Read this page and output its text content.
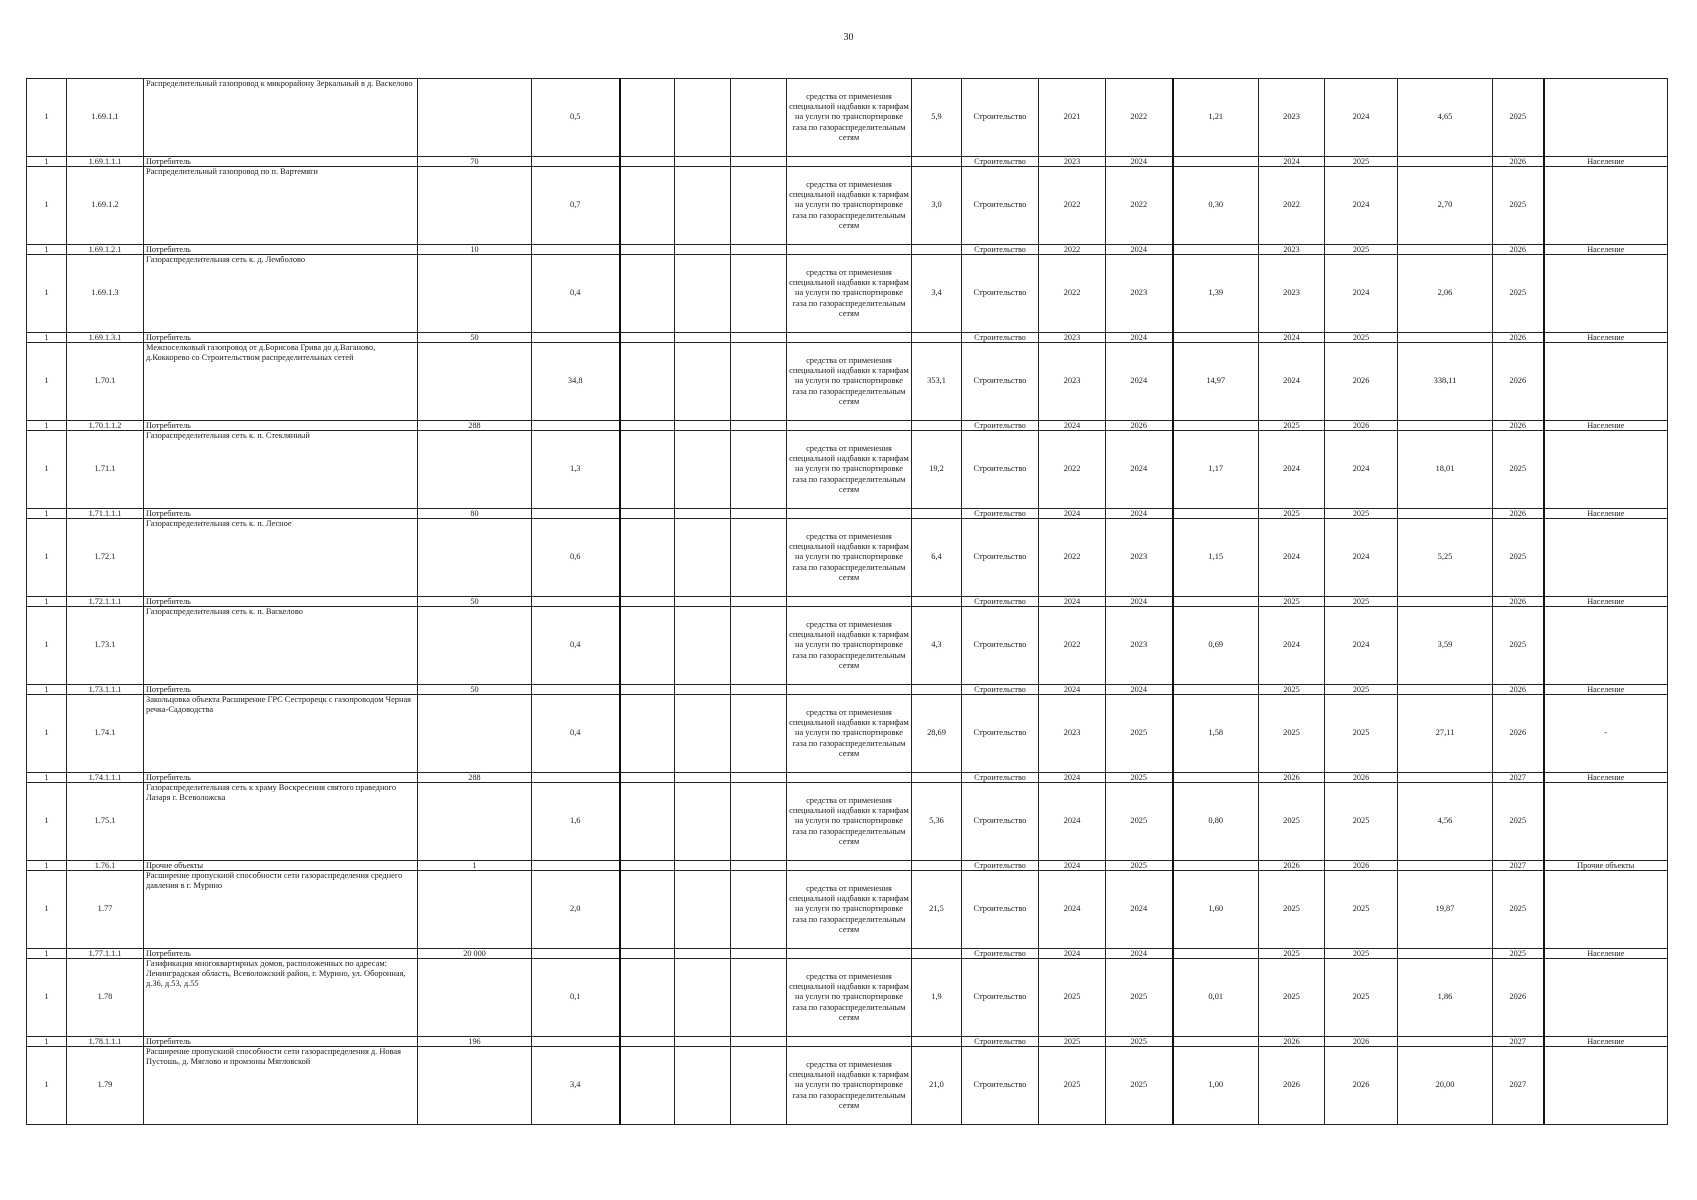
30
1	1.69.1.1	Распределительный газопровод к микрорайону Зеркальный в д. Васкелово		0,5				средства от применения специальной надбавки к тарифам на услуги по транспортировке газа по газораспределительным сетям	5,9	Строительство	2021	2022	1,21	2023	2024	4,65	2025	
1	1.69.1.1.1	Потребитель	70							Строительство	2023	2024		2024	2025		2026	Население
1	1.69.1.2	Распределительный газопровод по п. Вартемяги		0,7				средства от применения специальной надбавки к тарифам на услуги по транспортировке газа по газораспределительным сетям	3,0	Строительство	2022	2022	0,30	2022	2024	2,70	2025	
1	1.69.1.2.1	Потребитель	10							Строительство	2022	2024		2023	2025		2026	Население
1	1.69.1.3	Газораспределительная сеть к. д. Лемболово		0,4				средства от применения специальной надбавки к тарифам на услуги по транспортировке газа по газораспределительным сетям	3,4	Строительство	2022	2023	1,39	2023	2024	2,06	2025	
1	1.69.1.3.1	Потребитель	50							Строительство	2023	2024		2024	2025		2026	Население
1	1.70.1	Межпоселковый газопровод от д.Борисова Грива до д.Ваганово, д.Коккорево со Строительством распределительных сетей		34,8				средства от применения специальной надбавки к тарифам на услуги по транспортировке газа по газораспределительным сетям	353,1	Строительство	2023	2024	14,97	2024	2026	338,11	2026	
1	1.70.1.1.2	Потребитель	288							Строительство	2024	2026		2025	2026		2026	Население
1	1.71.1	Газораспределительная сеть к. п. Стеклянный		1,3				средства от применения специальной надбавки к тарифам на услуги по транспортировке газа по газораспределительным сетям	19,2	Строительство	2022	2024	1,17	2024	2024	18,01	2025	
1	1.71.1.1.1	Потребитель	80							Строительство	2024	2024		2025	2025		2026	Население
1	1.72.1	Газораспределительная сеть к. п. Лесное		0,6				средства от применения специальной надбавки к тарифам на услуги по транспортировке газа по газораспределительным сетям	6,4	Строительство	2022	2023	1,15	2024	2024	5,25	2025	
1	1.72.1.1.1	Потребитель	50							Строительство	2024	2024		2025	2025		2026	Население
1	1.73.1	Газораспределительная сеть к. п. Васкелово		0,4				средства от применения специальной надбавки к тарифам на услуги по транспортировке газа по газораспределительным сетям	4,3	Строительство	2022	2023	0,69	2024	2024	3,59	2025	
1	1.73.1.1.1	Потребитель	50							Строительство	2024	2024		2025	2025		2026	Население
1	1.74.1	Закольцовка объекта Расширение ГРС Сестрорецк с газопроводом Черная речка-Садоводства		0,4				средства от применения специальной надбавки к тарифам на услуги по транспортировке газа по газораспределительным сетям	28,69	Строительство	2023	2025	1,58	2025	2025	27,11	2026	-
1	1.74.1.1.1	Потребитель	288							Строительство	2024	2025		2026	2026		2027	Население
1	1.75.1	Газораспределительная сеть к храму Воскресения святого праведного Лазаря г. Всеволожска		1,6				средства от применения специальной надбавки к тарифам на услуги по транспортировке газа по газораспределительным сетям	5,36	Строительство	2024	2025	0,80	2025	2025	4,56	2025	
1	1.76.1	Прочие объекты	1							Строительство	2024	2025		2026	2026		2027	Прочие объекты
1	1.77	Расширение пропускной способности сети газораспределения среднего давления в г. Мурино		2,0				средства от применения специальной надбавки к тарифам на услуги по транспортировке газа по газораспределительным сетям	21,5	Строительство	2024	2024	1,60	2025	2025	19,87	2025	
1	1.77.1.1.1	Потребитель	20 000							Строительство	2024	2024		2025	2025		2025	Население
1	1.78	Газификация многоквартирных домов, расположенных по адресам: Ленинградская область, Всеволожский район, г. Мурино, ул. Оборонная, д.36, д.53, д.55		0,1				средства от применения специальной надбавки к тарифам на услуги по транспортировке газа по газораспределительным сетям	1,9	Строительство	2025	2025	0,01	2025	2025	1,86	2026	
1	1.78.1.1.1	Потребитель	196							Строительство	2025	2025		2026	2026		2027	Население
1	1.79	Расширение пропускной способности сети газораспределения д. Новая Пустошь, д. Мяглово и промзоны Мягловской		3,4				средства от применения специальной надбавки к тарифам на услуги по транспортировке газа по газораспределительным сетям	21,0	Строительство	2025	2025	1,00	2026	2026	20,00	2027	
